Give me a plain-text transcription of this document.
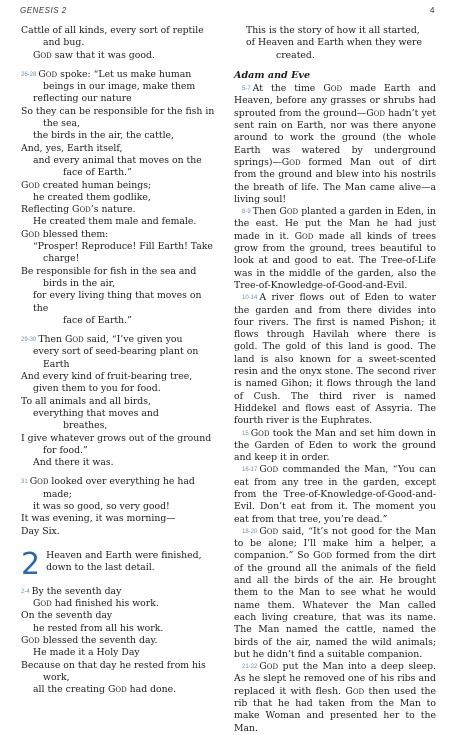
GENESIS 2	4
Cattle of all kinds, every sort of reptile
and bug.
God saw that it was good.
26-28 God spoke: “Let us make human
beings in our image, make them
reflecting our nature
So they can be responsible for the fish in
the sea,
the birds in the air, the cattle,
And, yes, Earth itself,
and every animal that moves on the
face of Earth.”
God created human beings;
he created them godlike,
Reflecting God’s nature.
He created them male and female.
God blessed them:
“Prosper! Reproduce! Fill Earth! Take
charge!
Be responsible for fish in the sea and
birds in the air,
for every living thing that moves on the
face of Earth.”
29-30 Then God said, “I’ve given you
every sort of seed-bearing plant on
Earth
And every kind of fruit-bearing tree,
given them to you for food.
To all animals and all birds,
everything that moves and
breathes,
I give whatever grows out of the ground
for food.”
And there it was.
31 God looked over everything he had
made;
it was so good, so very good!
It was evening, it was morning—
Day Six.
2 Heaven and Earth were finished,
down to the last detail.
2-4 By the seventh day
God had finished his work.
On the seventh day
he rested from all his work.
God blessed the seventh day.
He made it a Holy Day
Because on that day he rested from his
work,
all the creating God had done.
This is the story of how it all started,
of Heaven and Earth when they were
created.
Adam and Eve

5-7 At the time God made Earth and Heaven, before any grasses or shrubs had sprouted from the ground—God hadn’t yet sent rain on Earth, nor was there anyone around to work the ground (the whole Earth was watered by underground springs)—God formed Man out of dirt from the ground and blew into his nostrils the breath of life. The Man came alive—a living soul!

8-9 Then God planted a garden in Eden, in the east. He put the Man he had just made in it. God made all kinds of trees grow from the ground, trees beautiful to look at and good to eat. The Tree-of-Life was in the middle of the garden, also the Tree-of-Knowledge-of-Good-and-Evil.

10-14 A river flows out of Eden to water the garden and from there divides into four rivers. The first is named Pishon; it flows through Havilah where there is gold. The gold of this land is good. The land is also known for a sweet-scented resin and the onyx stone. The second river is named Gihon; it flows through the land of Cush. The third river is named Hiddekel and flows east of Assyria. The fourth river is the Euphrates.

15 God took the Man and set him down in the Garden of Eden to work the ground and keep it in order.

16-17 God commanded the Man, “You can eat from any tree in the garden, except from the Tree-of-Knowledge-of-Good-and-Evil. Don’t eat from it. The moment you eat from that tree, you’re dead.”

18-20 God said, “It’s not good for the Man to be alone; I’ll make him a helper, a companion.” So God formed from the dirt of the ground all the animals of the field and all the birds of the air. He brought them to the Man to see what he would name them. Whatever the Man called each living creature, that was its name. The Man named the cattle, named the birds of the air, named the wild animals; but he didn’t find a suitable companion.

21-22 God put the Man into a deep sleep. As he slept he removed one of his ribs and replaced it with flesh. God then used the rib that he had taken from the Man to make Woman and presented her to the Man.
